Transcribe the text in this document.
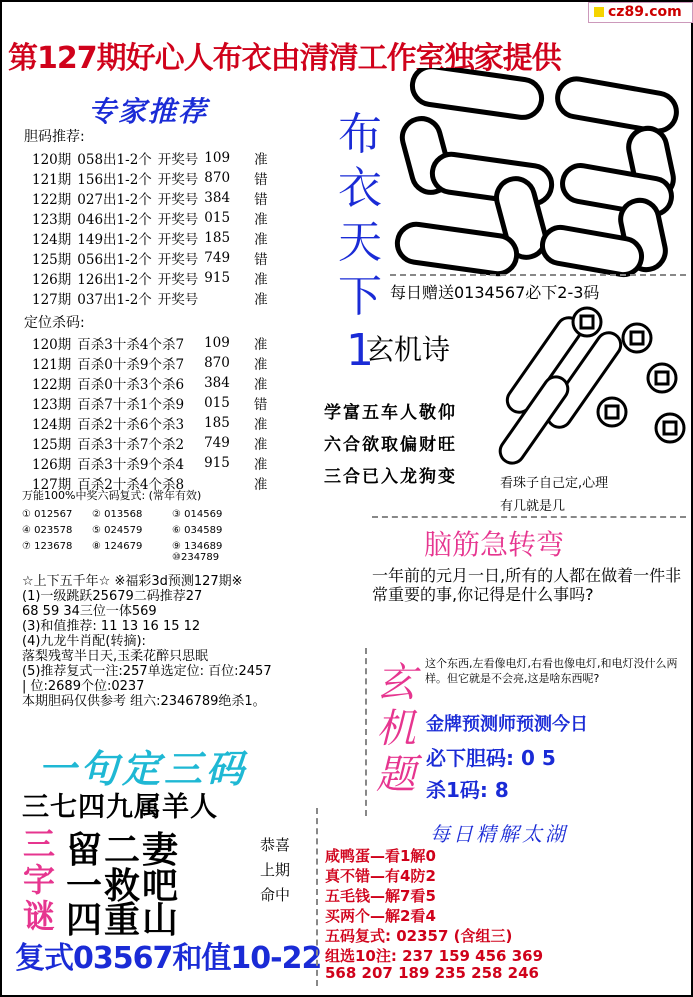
cz89.com
第127期好心人布衣由清清工作室独家提供
专家推荐
胆码推荐:
120期	058出1-2个	开奖号	109	准
121期	156出1-2个	开奖号	870	错
122期	027出1-2个	开奖号	384	错
123期	046出1-2个	开奖号	015	准
124期	149出1-2个	开奖号	185	准
125期	056出1-2个	开奖号	749	错
126期	126出1-2个	开奖号	915	准
127期	037出1-2个	开奖号		准
定位杀码:
120期	百杀3十杀4个杀7	109	准
121期	百杀0十杀9个杀7	870	准
122期	百杀0十杀3个杀6	384	准
123期	百杀7十杀1个杀9	015	错
124期	百杀2十杀6个杀3	185	准
125期	百杀3十杀7个杀2	749	准
126期	百杀3十杀9个杀4	915	准
127期	百杀2十杀4个杀8		准
万能100%中奖六码复式: (常年有效)
① 012567	② 013568	③ 014569
④ 023578	⑤ 024579	⑥ 034589
⑦ 123678	⑧ 124679	⑨ 134689 ⑩234789
☆上下五千年☆ ※福彩3d预测127期※
(1)一级跳跃25679二码推荐27
68 59 34三位一体569
(3)和值推荐: 11 13 16 15 12
(4)九龙牛肖配(转摘):
落梨残莺半日天,玉柔花醉只思眠
(5)推荐复式一注:257单选定位: 百位:2457
| 位:2689个位:0237
本期胆码仅供参考 组六:2346789绝杀1。
一句定三码
三七四九属羊人
三
字
谜
留二妻
一救吧
四重山
恭喜
上期
命中
复式03567和值10-22
布
衣
天
下
1
每日赠送0134567必下2-3码
玄机诗
学富五车人敬仰
六合欲取偏财旺
三合已入龙狗变	看珠子自己定,心理
有几就是几
脑筋急转弯
一年前的元月一日,所有的人都在做着一件非常重要的事,你记得是什么事吗?
玄
机
题
这个东西,左看像电灯,右看也像电灯,和电灯没什么两样。但它就是不会亮,这是啥东西呢?
金牌预测师预测今日
必下胆码: 0 5
杀1码: 8
每日精解太湖
咸鸭蛋—看1解0
真不错—有4防2
五毛钱—解7看5
买两个—解2看4
五码复式: 02357 (含组三)
组选10注: 237 159 456 369
568 207 189 235 258 246
